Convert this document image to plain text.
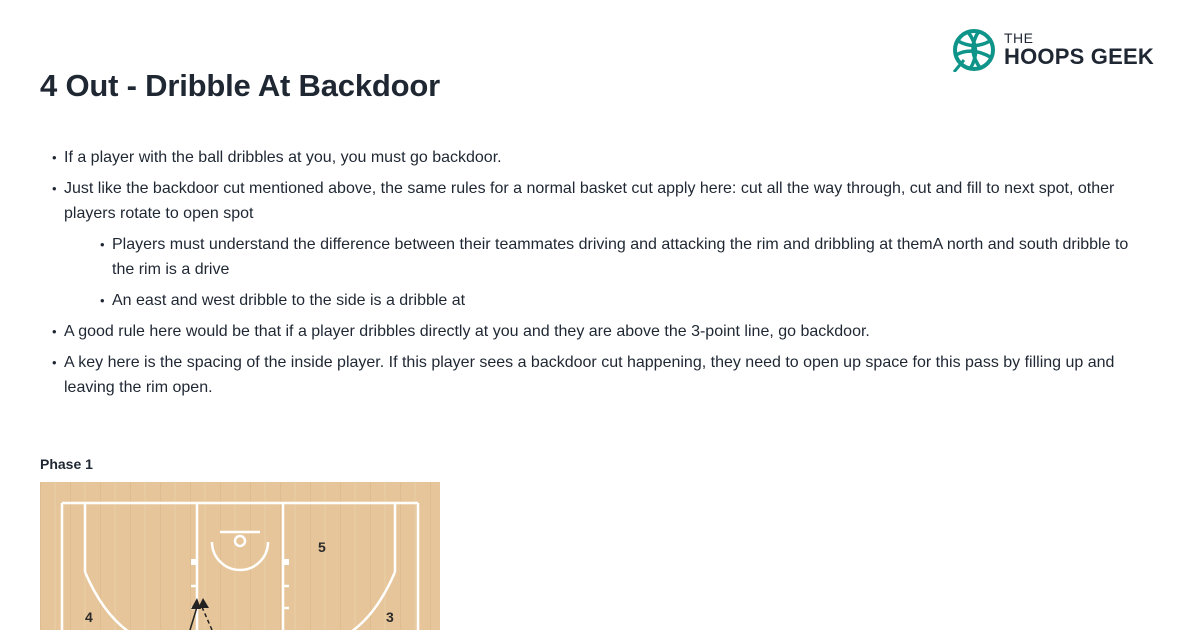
4 Out - Dribble At Backdoor
THE
HOOPS GEEK
• If a player with the ball dribbles at you, you must go backdoor.
• Just like the backdoor cut mentioned above, the same rules for a normal basket cut apply here: cut all the way through, cut and fill to next spot, other players rotate to open spot
• Players must understand the difference between their teammates driving and attacking the rim and dribbling at themA north and south dribble to the rim is a drive
• An east and west dribble to the side is a dribble at
• A good rule here would be that if a player dribbles directly at you and they are above the 3-point line, go backdoor.
• A key here is the spacing of the inside player. If this player sees a backdoor cut happening, they need to open up space for this pass by filling up and leaving the rim open.
Phase 1
5
4	3
